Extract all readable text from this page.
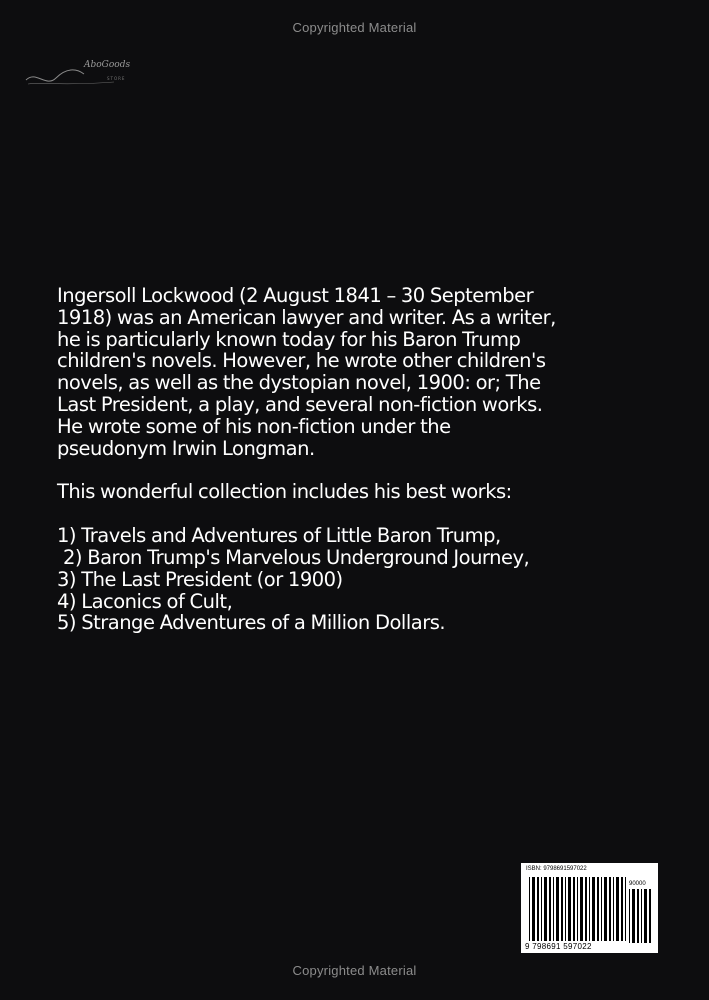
Copyrighted Material
AboGoods
STORE
Ingersoll Lockwood (2 August 1841 – 30 September
1918) was an American lawyer and writer. As a writer,
he is particularly known today for his Baron Trump
children's novels. However, he wrote other children's
novels, as well as the dystopian novel, 1900: or; The
Last President, a play, and several non-fiction works.
He wrote some of his non-fiction under the
pseudonym Irwin Longman.
This wonderful collection includes his best works:
1) Travels and Adventures of Little Baron Trump,
2) Baron Trump's Marvelous Underground Journey,
3) The Last President (or 1900)
4) Laconics of Cult,
5) Strange Adventures of a Million Dollars.
ISBN: 9798691597022
90000
9 798691 597022
Copyrighted Material
